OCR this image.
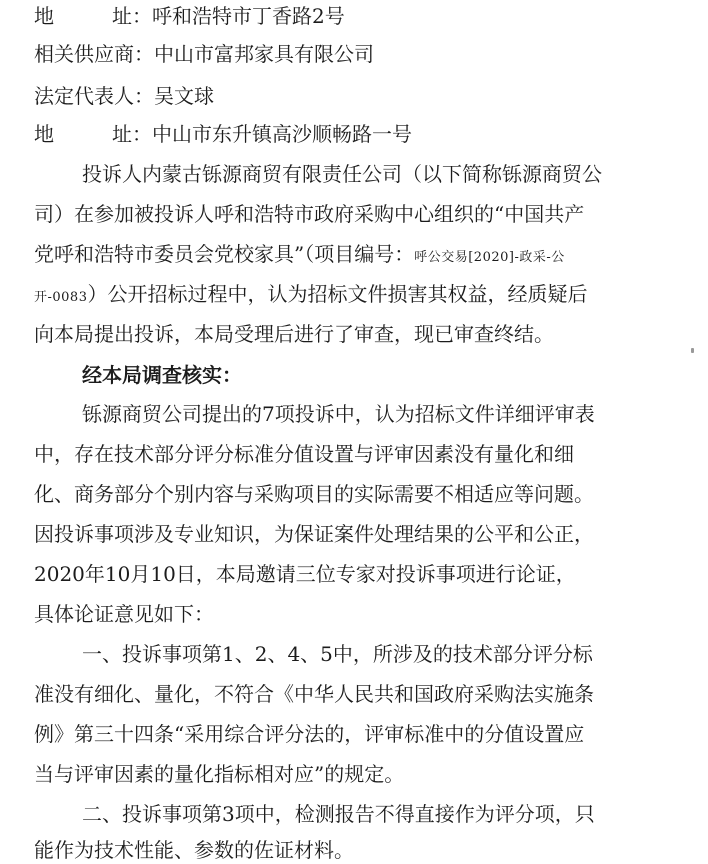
地	址：呼和浩特市丁香路2号
相关供应商：中山市富邦家具有限公司
法定代表人：吴文球
地	址：中山市东升镇高沙顺畅路一号
投诉人内蒙古铄源商贸有限责任公司（以下简称铄源商贸公
司）在参加被投诉人呼和浩特市政府采购中心组织的“中国共产
党呼和浩特市委员会党校家具”（项目编号：呼公交易[2020]-政采-公
开-0083）公开招标过程中，认为招标文件损害其权益，经质疑后
向本局提出投诉，本局受理后进行了审查，现已审查终结。
经本局调查核实：
铄源商贸公司提出的7项投诉中，认为招标文件详细评审表
中，存在技术部分评分标准分值设置与评审因素没有量化和细
化、商务部分个别内容与采购项目的实际需要不相适应等问题。
因投诉事项涉及专业知识，为保证案件处理结果的公平和公正，
2020年10月10日，本局邀请三位专家对投诉事项进行论证，
具体论证意见如下：
一、投诉事项第1、2、4、5中，所涉及的技术部分评分标
准没有细化、量化，不符合《中华人民共和国政府采购法实施条
例》第三十四条“采用综合评分法的，评审标准中的分值设置应
当与评审因素的量化指标相对应”的规定。
二、投诉事项第3项中，检测报告不得直接作为评分项，只
能作为技术性能、参数的佐证材料。
